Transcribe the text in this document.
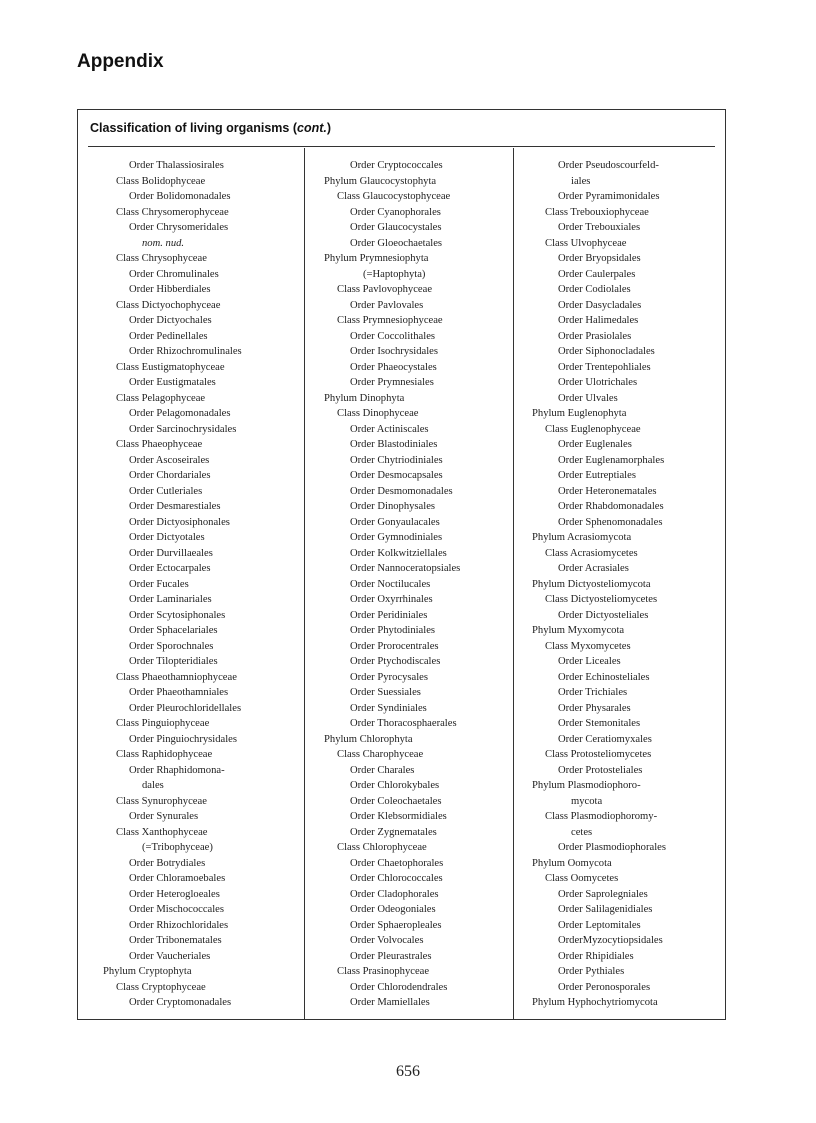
Appendix
Classification of living organisms (cont.)
Order Thalassiosirales
Class Bolidophyceae
Order Bolidomonadales
Class Chrysomerophyceae
Order Chrysomeridales
nom. nud.
Class Chrysophyceae
Order Chromulinales
Order Hibberdiales
Class Dictyochophyceae
Order Dictyochales
Order Pedinellales
Order Rhizochromulinales
Class Eustigmatophyceae
Order Eustigmatales
Class Pelagophyceae
Order Pelagomonadales
Order Sarcinochrysidales
Class Phaeophyceae
Order Ascoseirales
Order Chordariales
Order Cutleriales
Order Desmarestiales
Order Dictyosiphonales
Order Dictyotales
Order Durvillaeales
Order Ectocarpales
Order Fucales
Order Laminariales
Order Scytosiphonales
Order Sphacelariales
Order Sporochnales
Order Tilopteridiales
Class Phaeothamniophyceae
Order Phaeothamniales
Order Pleurochloridellales
Class Pinguiophyceae
Order Pinguiochrysidales
Class Raphidophyceae
Order Rhaphidomona-
dales
Class Synurophyceae
Order Synurales
Class Xanthophyceae
(=Tribophyceae)
Order Botrydiales
Order Chloramoebales
Order Heterogloeales
Order Mischococcales
Order Rhizochloridales
Order Tribonematales
Order Vaucheriales
Phylum Cryptophyta
Class Cryptophyceae
Order Cryptomonadales
Order Cryptococcales
Phylum Glaucocystophyta
Class Glaucocystophyceae
Order Cyanophorales
Order Glaucocystales
Order Gloeochaetales
Phylum Prymnesiophyta
(=Haptophyta)
Class Pavlovophyceae
Order Pavlovales
Class Prymnesiophyceae
Order Coccolithales
Order Isochrysidales
Order Phaeocystales
Order Prymnesiales
Phylum Dinophyta
Class Dinophyceae
Order Actiniscales
Order Blastodiniales
Order Chytriodiniales
Order Desmocapsales
Order Desmomonadales
Order Dinophysales
Order Gonyaulacales
Order Gymnodiniales
Order Kolkwitziellales
Order Nannoceratopsiales
Order Noctilucales
Order Oxyrrhinales
Order Peridiniales
Order Phytodiniales
Order Prorocentrales
Order Ptychodiscales
Order Pyrocysales
Order Suessiales
Order Syndiniales
Order Thoracosphaerales
Phylum Chlorophyta
Class Charophyceae
Order Charales
Order Chlorokybales
Order Coleochaetales
Order Klebsormidiales
Order Zygnematales
Class Chlorophyceae
Order Chaetophorales
Order Chlorococcales
Order Cladophorales
Order Odeogoniales
Order Sphaeropleales
Order Volvocales
Order Pleurastrales
Class Prasinophyceae
Order Chlorodendrales
Order Mamiellales
Order Pseudoscourfeld-
iales
Order Pyramimonidales
Class Trebouxiophyceae
Order Trebouxiales
Class Ulvophyceae
Order Bryopsidales
Order Caulerpales
Order Codiolales
Order Dasycladales
Order Halimedales
Order Prasiolales
Order Siphonocladales
Order Trentepohliales
Order Ulotrichales
Order Ulvales
Phylum Euglenophyta
Class Euglenophyceae
Order Euglenales
Order Euglenamorphales
Order Eutreptiales
Order Heteronematales
Order Rhabdomonadales
Order Sphenomonadales
Phylum Acrasiomycota
Class Acrasiomycetes
Order Acrasiales
Phylum Dictyosteliomycota
Class Dictyosteliomycetes
Order Dictyosteliales
Phylum Myxomycota
Class Myxomycetes
Order Liceales
Order Echinosteliales
Order Trichiales
Order Physarales
Order Stemonitales
Order Ceratiomyxales
Class Protosteliomycetes
Order Protosteliales
Phylum Plasmodiophoro-
mycota
Class Plasmodiophoromy-
cetes
Order Plasmodiophorales
Phylum Oomycota
Class Oomycetes
Order Saprolegniales
Order Salilagenidiales
Order Leptomitales
OrderMyzocytiopsidales
Order Rhipidiales
Order Pythiales
Order Peronosporales
Phylum Hyphochytriomycota
656
